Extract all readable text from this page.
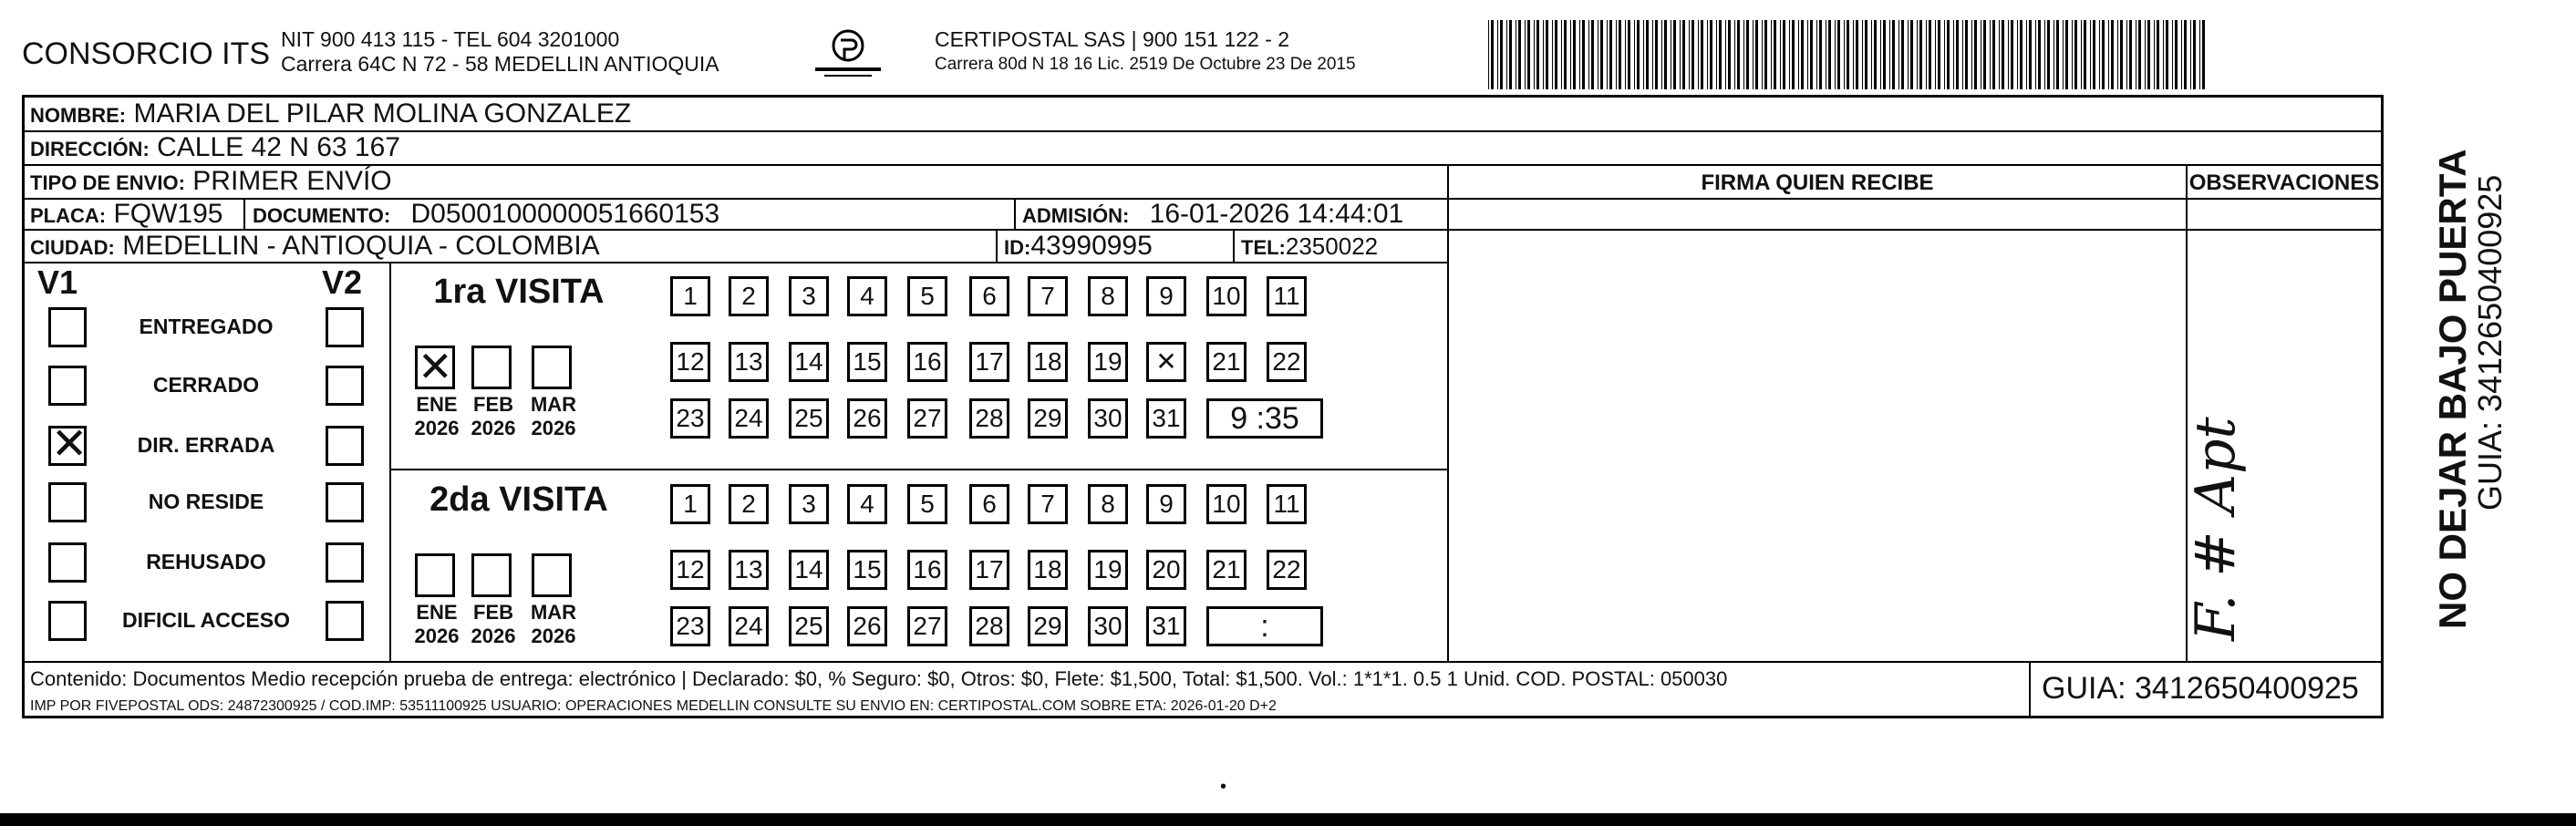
CONSORCIO ITS NIT 900 413 115 - TEL 604 3201000
Carrera 64C N 72 - 58 MEDELLIN ANTIOQUIA
CERTIPOSTAL SAS | 900 151 122 - 2
Carrera 80d N 18 16 Lic. 2519 De Octubre 23 De 2015
NOMBRE: MARIA DEL PILAR MOLINA GONZALEZ
DIRECCIÓN: CALLE 42 N 63 167
TIPO DE ENVIO: PRIMER ENVÍO	FIRMA QUIEN RECIBE	OBSERVACIONES
PLACA: FQW195 DOCUMENTO: D0500100000051660153	ADMISIÓN: 16-01-2026 14:44:01
CIUDAD: MEDELLIN - ANTIOQUIA - COLOMBIA	ID:43990995	TEL:2350022
V1	V2
F. # Apt
Contenido: Documentos Medio recepción prueba de entrega: electrónico | Declarado: $0, % Seguro: $0, Otros: $0, Flete: $1,500, Total: $1,500. Vol.: 1*1*1. 0.5 1 Unid. COD. POSTAL: 050030
IMP POR FIVEPOSTAL ODS: 24872300925 / COD.IMP: 53511100925 USUARIO: OPERACIONES MEDELLIN CONSULTE SU ENVIO EN: CERTIPOSTAL.COM SOBRE ETA: 2026-01-20 D+2
GUIA: 3412650400925
ENTREGADO
CERRADO
✕	DIR. ERRADA
NO RESIDE
REHUSADO
DIFICIL ACCESO
1ra VISITA
✕
ENE
2026
FEB
2026
MAR
2026
1	2	3	4	5	6	7	8	9	10 11
12 13 14 15 16 17 18 19	✕	21 22
23 24 25 26 27 28 29 30 31	9 :35
2da VISITA
ENE
2026
FEB
2026
MAR
2026
1	2	3	4	5	6	7	8	9	10 11
12 13 14 15 16 17 18 19 20 21 22
23 24 25 26 27 28 29 30 31	:	NO DEJAR BAJO PUERTA
GUIA: 3412650400925
•
